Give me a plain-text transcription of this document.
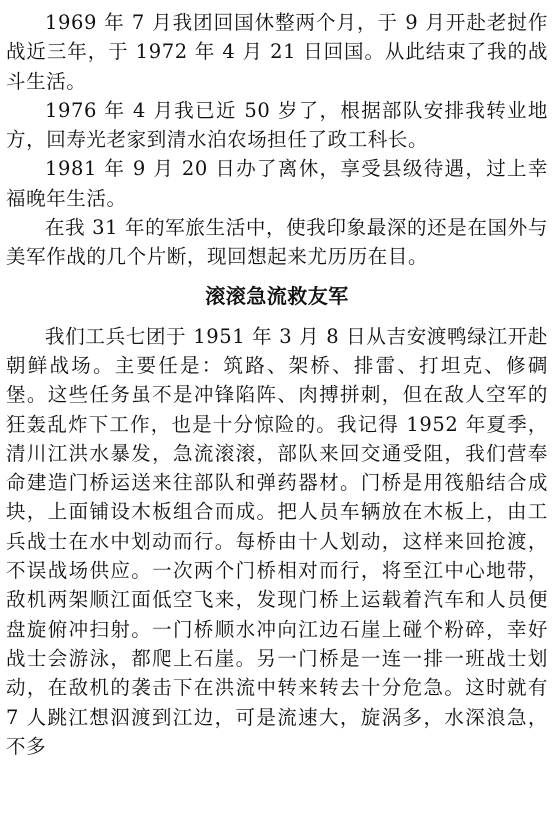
1969 年 7 月我团回国休整两个月，于 9 月开赴老挝作战近三年，于 1972 年 4 月 21 日回国。从此结束了我的战斗生活。

1976 年 4 月我已近 50 岁了，根据部队安排我转业地方，回寿光老家到清水泊农场担任了政工科长。

1981 年 9 月 20 日办了离休，享受县级待遇，过上幸福晚年生活。

在我 31 年的军旅生活中，使我印象最深的还是在国外与美军作战的几个片断，现回想起来尤历历在目。

滚滚急流救友军

我们工兵七团于 1951 年 3 月 8 日从吉安渡鸭绿江开赴朝鲜战场。主要任是：筑路、架桥、排雷、打坦克、修碉堡。这些任务虽不是冲锋陷阵、肉搏拼刺，但在敌人空军的狂轰乱炸下工作，也是十分惊险的。我记得 1952 年夏季，清川江洪水暴发，急流滚滚，部队来回交通受阻，我们营奉命建造门桥运送来往部队和弹药器材。门桥是用筏船结合成块，上面铺设木板组合而成。把人员车辆放在木板上，由工兵战士在水中划动而行。每桥由十人划动，这样来回抢渡，不误战场供应。一次两个门桥相对而行，将至江中心地带，敌机两架顺江面低空飞来，发现门桥上运载着汽车和人员便盘旋俯冲扫射。一门桥顺水冲向江边石崖上碰个粉碎，幸好战士会游泳，都爬上石崖。另一门桥是一连一排一班战士划动，在敌机的袭击下在洪流中转来转去十分危急。这时就有 7 人跳江想泅渡到江边，可是流速大，旋涡多，水深浪急，不多
